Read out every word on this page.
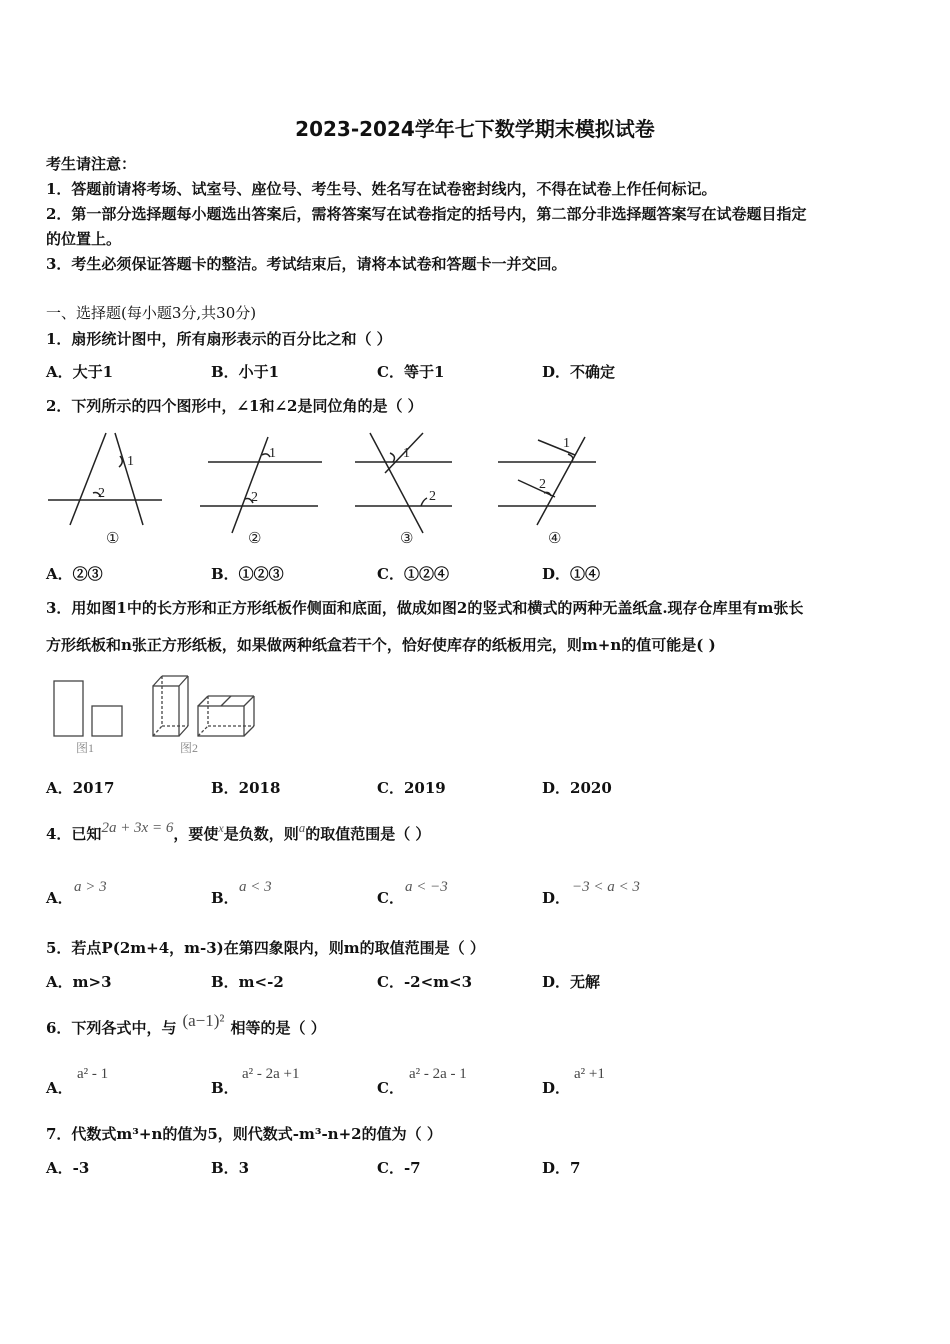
2023-2024学年七下数学期末模拟试卷
考生请注意：
1．答题前请将考场、试室号、座位号、考生号、姓名写在试卷密封线内，不得在试卷上作任何标记。
2．第一部分选择题每小题选出答案后，需将答案写在试卷指定的括号内，第二部分非选择题答案写在试卷题目指定
的位置上。
3．考生必须保证答题卡的整洁。考试结束后，请将本试卷和答题卡一并交回。
一、选择题(每小题3分,共30分)
1．扇形统计图中，所有扇形表示的百分比之和（ ）
A．大于1	B．小于1	C．等于1	D．不确定
2．下列所示的四个图形中，∠1和∠2是同位角的是（ ）
1
2
1
2
1
2
1
2
①	②	③	④
A．②③	B．①②③	C．①②④	D．①④
3．用如图1中的长方形和正方形纸板作侧面和底面，做成如图2的竖式和横式的两种无盖纸盒.现存仓库里有m张长
方形纸板和n张正方形纸板，如果做两种纸盒若干个，恰好使库存的纸板用完，则m+n的值可能是( )
图1	图2
A．2017	B．2018	C．2019	D．2020
4．已知2a + 3x = 6，要使$^x$是负数，则a的取值范围是（ ）
A．
a > 3
B．
a < 3
C．
a < −3
D．
−3 < a < 3
5．若点P(2m+4，m-3)在第四象限内，则m的取值范围是（ ）
A．m>3	B．m<-2	C．-2<m<3	D．无解
6．下列各式中，与 (a−1)² 相等的是（ ）
A．
a² - 1
B．
a² - 2a +1
C．
a² - 2a - 1
D．
a² +1
7．代数式m³+n的值为5，则代数式-m³-n+2的值为（ ）
A．-3	B．3	C．-7	D．7
